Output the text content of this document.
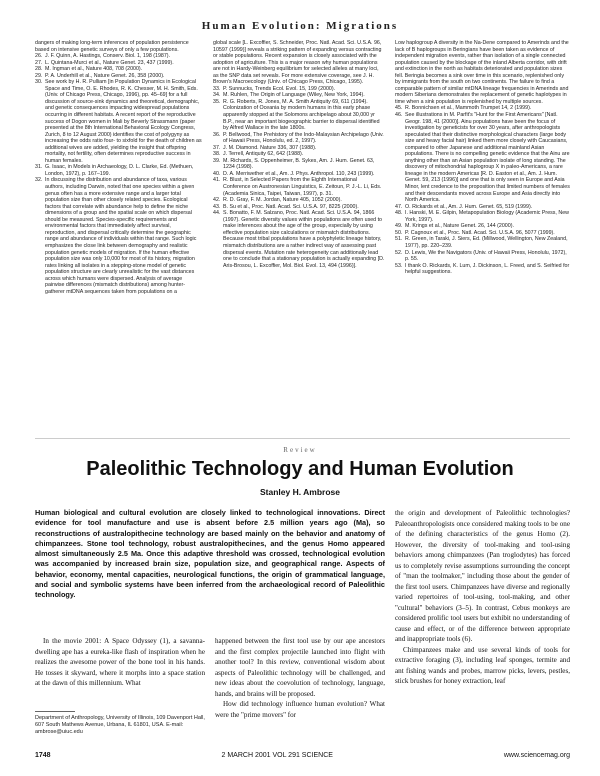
Human Evolution: Migrations
dangers of making long-term inferences of population persistence based on intensive genetic surveys of only a few populations.
26. J. F. Quinn, A. Hastings, Conserv. Biol. 1, 198 (1987).
27. L. Quintana-Murci et al., Nature Genet. 23, 437 (1999).
28. M. Ingman et al., Nature 408, 708 (2000).
29. P. A. Underhill et al., Nature Genet. 26, 358 (2000).
30. See work by H. R. Pulliam [in Population Dynamics in Ecological Space and Time, O. E. Rhodes, R. K. Chesser, M. H. Smith, Eds. (Univ. of Chicago Press, Chicago, 1996), pp. 45–69] for a full discussion of source-sink dynamics and theoretical, demographic, and genetic consequences impacting widespread populations occurring in different habitats. A recent report of the reproductive success of Dogon women in Mali by Beverly Strassmann (paper presented at the 8th International Behavioral Ecology Congress, Zurich, 8 to 12 August 2000) identifies the cost of polygyny as increasing the odds ratio four- to sixfold for the death of children as additional wives are added, yielding the insight that offspring mortality, not fertility, often determines reproductive success in human females.
31. G. Isaac, in Models in Archaeology, D. L. Clarke, Ed. (Methuen, London, 1972), p. 167–199.
32. In discussing the distribution and abundance of taxa, various authors, including Darwin, noted that one species within a given genus often has a more extensive range and a larger total population size than other closely related species. Ecological factors that correlate with abundance help to define the niche dimensions of a group and the spatial scale on which dispersal should be measured. Species-specific requirements and environmental factors that immediately affect survival, reproduction, and dispersal critically determine the geographic range and abundance of individuals within that range. Such logic emphasizes the close link between demography and realistic population genetic models of migration. If the human effective population size was only 10,000 for most of its history, migration rates linking all isolates in a stepping-stone model of genetic population structure are clearly unrealistic for the vast distances across which humans were dispersed. Analysis of average pairwise differences (mismatch distributions) among hunter-gatherer mtDNA sequences taken from populations on a
global scale [L. Excoffier, S. Schneider, Proc. Natl. Acad. Sci. U.S.A. 96, 10597 (1999)] reveals a striking pattern of expanding versus contracting or stable populations. Recent expansion is closely associated with the adoption of agriculture. This is a major reason why human populations are not in Hardy-Weinberg equilibrium for selected alleles at many loci, as the SNP data set reveals. For more extensive coverage, see J. H. Brown's Macroecology (Univ. of Chicago Press, Chicago, 1995).
33. P. Sunnucks, Trends Ecol. Evol. 15, 199 (2000).
34. M. Ruhlen, The Origin of Language (Wiley, New York, 1994).
35. R. G. Roberts, R. Jones, M. A. Smith Antiquity 69, 611 (1994). Colonization of Oceania by modern humans in this early phase apparently stopped at the Solomons archipelago about 30,000 yr B.P., near an important biogeographic barrier to dispersal identified by Alfred Wallace in the late 1800s.
36. P. Bellwood, The Prehistory of the Indo-Malaysian Archipelago (Univ. of Hawaii Press, Honolulu, ed. 2, 1997).
37. J. M. Diamond. Nature 336, 307 (1988).
38. J. Terrell, Antiquity 62, 642 (1988).
39. M. Richards, S. Oppenheimer, B. Sykes, Am. J. Hum. Genet. 63, 1234 (1998).
40. D. A. Merriwether et al., Am. J. Phys. Anthropol. 110, 243 (1999).
41. R. Blust, in Selected Papers from the Eighth International Conference on Austronesian Linguistics, E. Zeitoun, P. J.-L. Li, Eds. (Academia Sinica, Taipei, Taiwan, 1997), p. 31.
42. R. D. Gray, F. M. Jordan, Nature 405, 1052 (2000).
43. B. Su et al., Proc. Natl. Acad. Sci. U.S.A. 97, 8225 (2000).
44. S. Bonatto, F. M. Salzano, Proc. Natl. Acad. Sci. U.S.A. 94, 1866 (1997). Genetic diversity values within populations are often used to make inferences about the age of the group, especially by using effective population size calculations or mismatch distributions. Because most tribal populations have a polyphyletic lineage history, mismatch distributions are a rather indirect way of assessing past dispersal events. Mutation rate heterogeneity can additionally lead one to conclude that a stationary population is actually expanding [D. Aris-Brosou, L. Excoffier, Mol. Biol. Evol. 13, 494 (1996)].
Low haplogroup A diversity in the Na-Dene compared to Amerinds and the lack of B haplogroups in Beringians have been taken as evidence of independent migration events, rather than isolation of a single connected population caused by the blockage of the inland Alberta corridor, with drift and extinction in the north as habitats deteriorated and population sizes fell. Beringia becomes a sink over time in this scenario, replenished only by immigrants from the south on two continents. The failure to find a comparable pattern of similar mtDNA lineage frequencies in Amerinds and modern Siberians demonstrates the replacement of genetic haplotypes in time when a sink population is replenished by multiple sources.
45. R. Bonnichsen et al., Mammoth Trumpet 14, 2 (1999).
46. See illustrations in M. Parfit's "Hunt for the First Americans" [Natl. Geogr. 198, 41 (2000)]. Ainu populations have been the focus of investigation by geneticists for over 30 years, after anthropologists speculated that their distinctive morphological characters (large body size and heavy facial hair) linked them more closely with Caucasians, compared to other Japanese and additional mainland Asian populations. There is no compelling genetic evidence that the Ainu are anything other than an Asian population isolate of long standing. The discovery of mitochondrial haplogroup X in paleo-Americans, a rare lineage in the modern Americas [R. D. Easton et al., Am. J. Hum. Genet. 59, 213 (1996)] and one that is only seen in Europe and Asia Minor, lent credence to the proposition that limited numbers of females and their descendants moved across Europe and Asia directly into North America.
47. O. Rickards et al., Am. J. Hum. Genet. 65, 519 (1999).
48. I. Hanski, M. E. Gilpin, Metapopulation Biology (Academic Press, New York, 1997).
49. M. Krings et al., Nature Genet. 26, 144 (2000).
50. P. Cagnoux et al., Proc. Natl. Acad. Sci. U.S.A. 96, 5077 (1999).
51. R. Green, in Taraki, J. Siers, Ed. (Millwood, Wellington, New Zealand, 1977), pp. 220–239.
52. D. Lewis, We the Navigators (Univ. of Hawaii Press, Honolulu, 1972), p. 55.
53. I thank O. Rickards, K. Lum, J. Dickinson, L. Freed, and S. Seifried for helpful suggestions.
Review
Paleolithic Technology and Human Evolution
Stanley H. Ambrose
Human biological and cultural evolution are closely linked to technological innovations. Direct evidence for tool manufacture and use is absent before 2.5 million years ago (Ma), so reconstructions of australopithecine technology are based mainly on the behavior and anatomy of chimpanzees. Stone tool technology, robust australopithecines, and the genus Homo appeared almost simultaneously 2.5 Ma. Once this adaptive threshold was crossed, technological evolution was accompanied by increased brain size, population size, and geographical range. Aspects of behavior, economy, mental capacities, neurological functions, the origin of grammatical language, and social and symbolic systems have been inferred from the archaeological record of Paleolithic technology.
In the movie 2001: A Space Odyssey (1), a savanna-dwelling ape has a eureka-like flash of inspiration when he realizes the awesome power of the bone tool in his hands. He tosses it skyward, where it morphs into a space station at the dawn of this millennium. What
happened between the first tool use by our ape ancestors and the first complex projectile launched into flight with another tool? In this review, conventional wisdom about aspects of Paleolithic technology will be challenged, and new ideas about the coevolution of technology, language, hands, and brains will be proposed.
How did technology influence human evolution? What were the "prime movers" for
the origin and development of Paleolithic technologies? Paleoanthropologists once considered making tools to be one of the defining characteristics of the genus Homo (2). However, the diversity of tool-making and tool-using behaviors among chimpanzees (Pan troglodytes) has forced us to completely revise assumptions surrounding the concept of "man the toolmaker," including those about the gender of the first tool users. Chimpanzees have diverse and regionally varied repertoires of tool-using, tool-making, and other "cultural" behaviors (3–5). In contrast, Cebus monkeys are considered prolific tool users but exhibit no understanding of cause and effect, or of the difference between appropriate and inappropriate tools (6).
Chimpanzees make and use several kinds of tools for extractive foraging (3), including leaf sponges, termite and ant fishing wands and probes, marrow picks, levers, pestles, stick brushes for honey extraction, leaf
Department of Anthropology, University of Illinois, 109 Davenport Hall, 607 South Mathews Avenue, Urbana, IL 61801, USA. E-mail: ambrose@uiuc.edu
1748	2 MARCH 2001 VOL 291 SCIENCE	www.sciencemag.org
